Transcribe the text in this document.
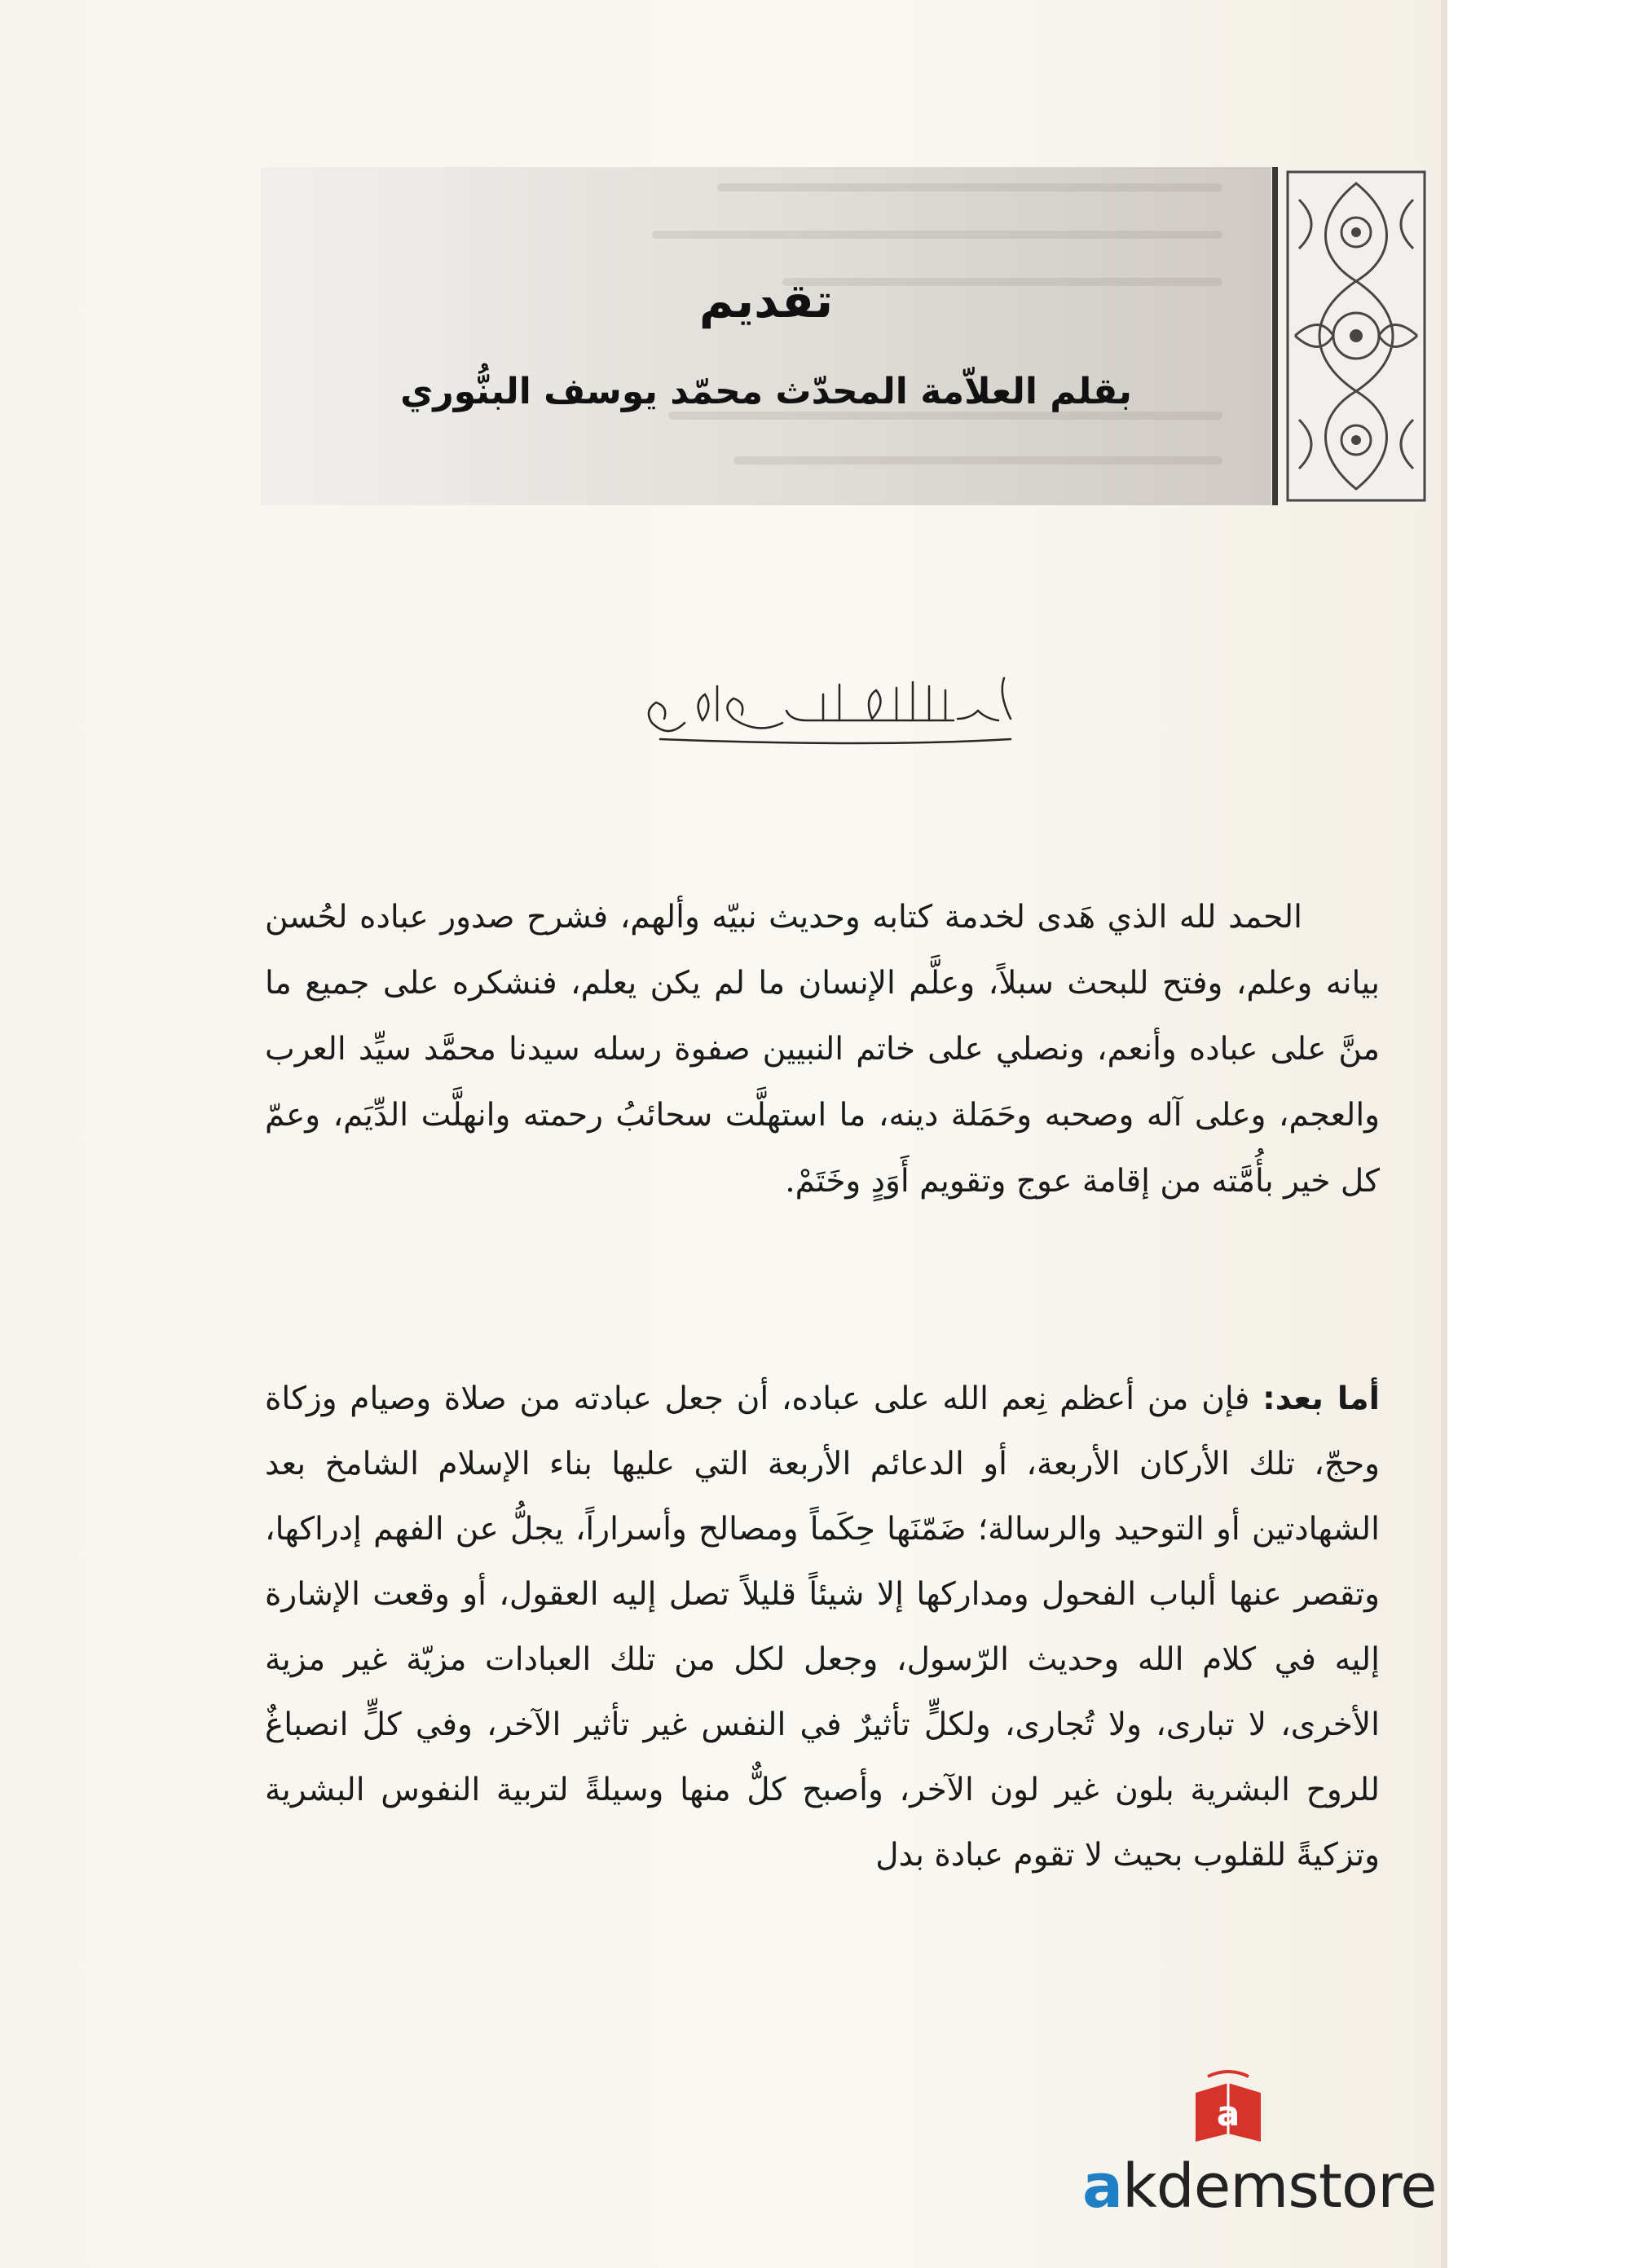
تقديم
بقلم العلاّمة المحدّث محمّد يوسف البنُّوري

الحمد لله الذي هَدى لخدمة كتابه وحديث نبيّه وألهم، فشرح صدور عباده لحُسن بيانه وعلم، وفتح للبحث سبلاً، وعلَّم الإنسان ما لم يكن يعلم، فنشكره على جميع ما منَّ على عباده وأنعم، ونصلي على خاتم النبيين صفوة رسله سيدنا محمَّد سيِّد العرب والعجم، وعلى آله وصحبه وحَمَلة دينه، ما استهلَّت سحائبُ رحمته وانهلَّت الدِّيَم، وعمّ كل خير بأُمَّته من إقامة عوج وتقويم أَوَدٍ وخَتَمْ.

أما بعد: فإن من أعظم نِعم الله على عباده، أن جعل عبادته من صلاة وصيام وزكاة وحجّ، تلك الأركان الأربعة، أو الدعائم الأربعة التي عليها بناء الإسلام الشامخ بعد الشهادتين أو التوحيد والرسالة؛ ضَمّنَها حِكَماً ومصالح وأسراراً، يجلُّ عن الفهم إدراكها، وتقصر عنها ألباب الفحول ومداركها إلا شيئاً قليلاً تصل إليه العقول، أو وقعت الإشارة إليه في كلام الله وحديث الرّسول، وجعل لكل من تلك العبادات مزيّة غير مزية الأخرى، لا تبارى، ولا تُجارى، ولكلٍّ تأثيرٌ في النفس غير تأثير الآخر، وفي كلٍّ انصباغٌ للروح البشرية بلون غير لون الآخر، وأصبح كلٌّ منها وسيلةً لتربية النفوس البشرية وتزكيةً للقلوب بحيث لا تقوم عبادة بدل

a
akdemstore
